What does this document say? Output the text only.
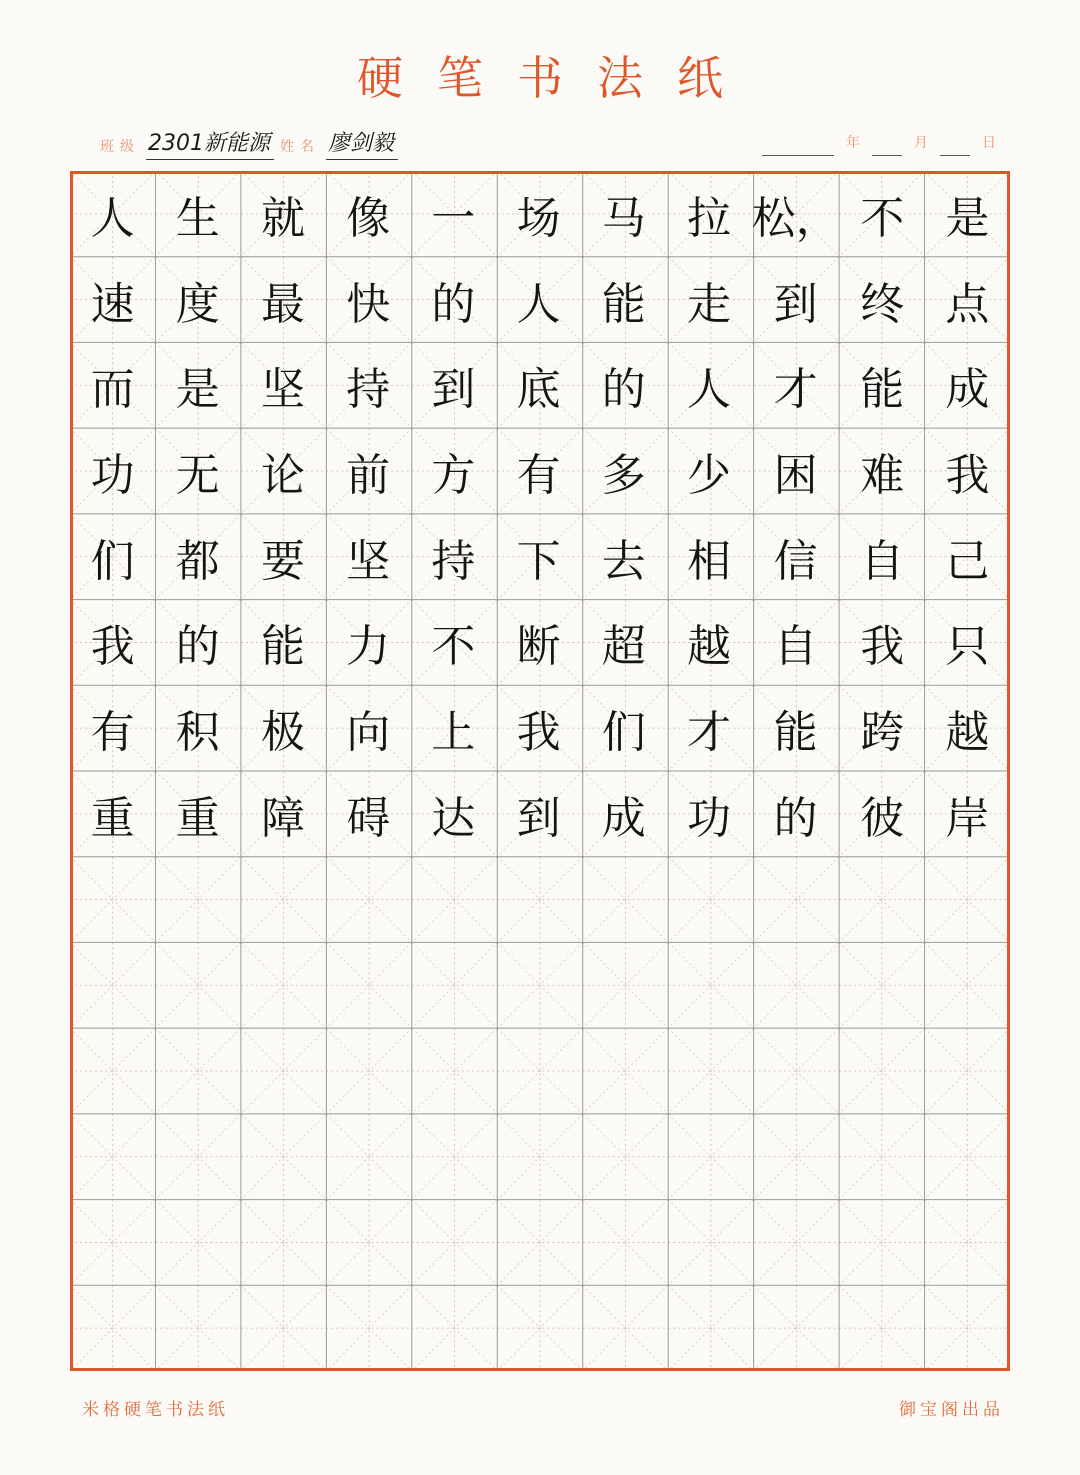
硬笔书法纸
班级 2301新能源 姓名 廖剑毅	年	月	日
人 生 就 像 一 场 马 拉 松， 不 是
速 度 最 快 的 人 能 走 到 终 点
而 是 坚 持 到 底 的 人 才 能 成
功 无 论 前 方 有 多 少 困 难 我
们 都 要 坚 持 下 去 相 信 自 己
我 的 能 力 不 断 超 越 自 我 只
有 积 极 向 上 我 们 才 能 跨 越
重 重 障 碍 达 到 成 功 的 彼 岸
米格硬笔书法纸	御宝阁出品
